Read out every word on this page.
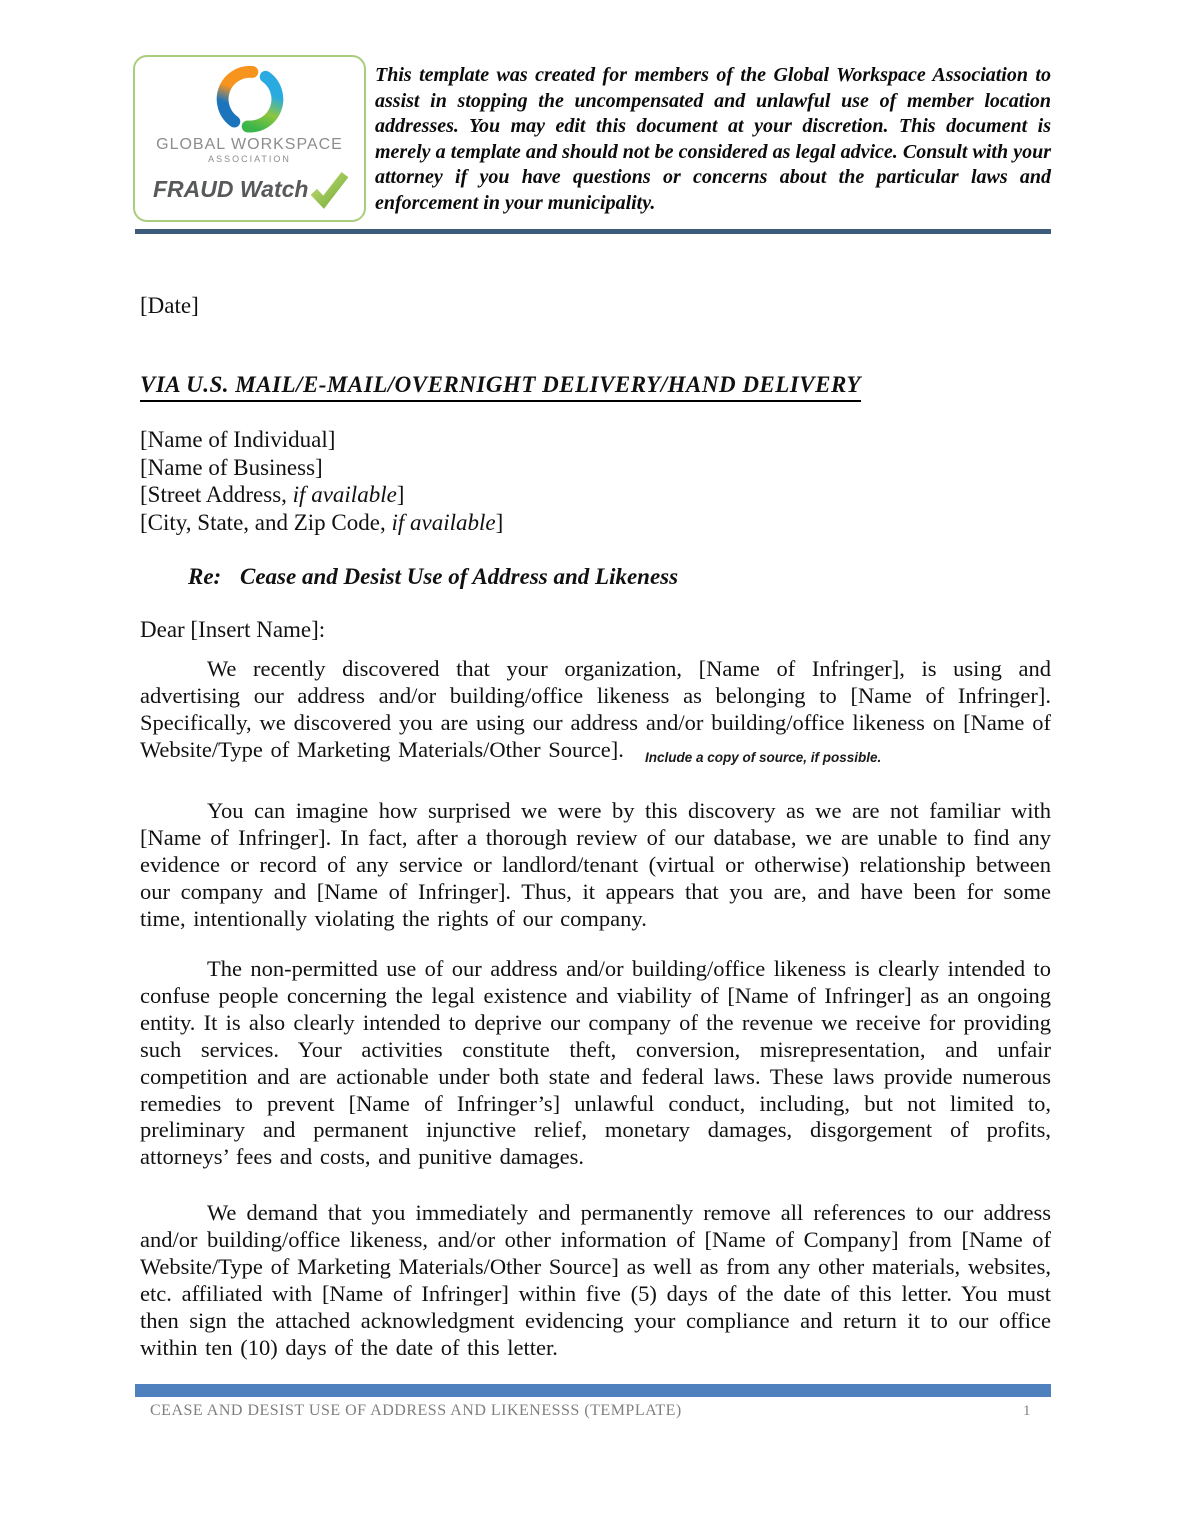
GLOBAL WORKSPACE
ASSOCIATION
FRAUD Watch
This template was created for members of the Global Workspace Association to assist in stopping the uncompensated and unlawful use of member location addresses. You may edit this document at your discretion. This document is merely a template and should not be considered as legal advice. Consult with your attorney if you have questions or concerns about the particular laws and enforcement in your municipality.
[Date]
VIA U.S. MAIL/E-MAIL/OVERNIGHT DELIVERY/HAND DELIVERY
[Name of Individual]
[Name of Business]
[Street Address, if available]
[City, State, and Zip Code, if available]
Re: Cease and Desist Use of Address and Likeness
Dear [Insert Name]:
We recently discovered that your organization, [Name of Infringer], is using and advertising our address and/or building/office likeness as belonging to [Name of Infringer]. Specifically, we discovered you are using our address and/or building/office likeness on [Name of Website/Type of Marketing Materials/Other Source].	Include a copy of source, if possible.
You can imagine how surprised we were by this discovery as we are not familiar with [Name of Infringer]. In fact, after a thorough review of our database, we are unable to find any evidence or record of any service or landlord/tenant (virtual or otherwise) relationship between our company and [Name of Infringer]. Thus, it appears that you are, and have been for some time, intentionally violating the rights of our company.
The non-permitted use of our address and/or building/office likeness is clearly intended to confuse people concerning the legal existence and viability of [Name of Infringer] as an ongoing entity. It is also clearly intended to deprive our company of the revenue we receive for providing such services. Your activities constitute theft, conversion, misrepresentation, and unfair competition and are actionable under both state and federal laws. These laws provide numerous remedies to prevent [Name of Infringer’s] unlawful conduct, including, but not limited to, preliminary and permanent injunctive relief, monetary damages, disgorgement of profits, attorneys’ fees and costs, and punitive damages.
We demand that you immediately and permanently remove all references to our address and/or building/office likeness, and/or other information of [Name of Company] from [Name of Website/Type of Marketing Materials/Other Source] as well as from any other materials, websites, etc. affiliated with [Name of Infringer] within five (5) days of the date of this letter. You must then sign the attached acknowledgment evidencing your compliance and return it to our office within ten (10) days of the date of this letter.
CEASE AND DESIST USE OF ADDRESS AND LIKENESSS (TEMPLATE)	1
